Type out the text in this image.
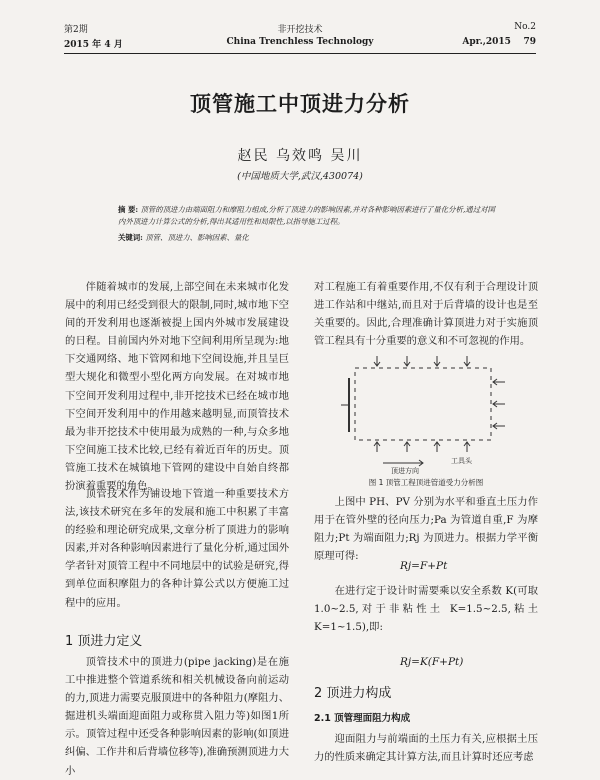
第2期	非开挖技术	No.2
2015 年 4 月	China Trenchless Technology	Apr.,2015 79
顶管施工中顶进力分析
赵民 乌效鸣 吴川
(中国地质大学,武汉,430074)
摘 要: 顶管的顶进力由端面阻力和摩阻力组成,分析了顶进力的影响因素,并对各种影响因素进行了量化分析,通过对国内外顶进力计算公式的分析,得出其适用性和局限性,以指导施工过程。
关键词: 顶管、顶进力、影响因素、量化

伴随着城市的发展,上部空间在未来城市化发展中的利用已经受到很大的限制,同时,城市地下空间的开发利用也逐渐被提上国内外城市发展建设的日程。目前国内外对地下空间利用所呈现为:地下交通网络、地下管网和地下空间设施,并且呈巨型大规化和微型小型化两方向发展。在对城市地下空间开发利用过程中,非开挖技术已经在城市地下空间开发利用中的作用越来越明显,而顶管技术最为非开挖技术中使用最为成熟的一种,与众多地下空间施工技术比较,已经有着近百年的历史。顶管施工技术在城镇地下管网的建设中自始自终都扮演着重要的角色。

顶管技术作为铺设地下管道一种重要技术方法,该技术研究在多年的发展和施工中积累了丰富的经验和理论研究成果,文章分析了顶进力的影响因素,并对各种影响因素进行了量化分析,通过国外学者针对顶管工程中不同地层中的试验是研究,得到单位面积摩阻力的各种计算公式以方便施工过程中的应用。

1 顶进力定义

顶管技术中的顶进力(pipe jacking)是在施工中推进整个管道系统和相关机械设备向前运动的力,顶进力需要克服顶进中的各种阻力(摩阻力、掘进机头端面迎面阻力或称贯入阻力等)如图1所示。顶管过程中还受各种影响因素的影响(如顶进纠偏、工作井和后背墙位移等),准确预测顶进力大小

对工程施工有着重要作用,不仅有利于合理设计顶进工作站和中继站,而且对于后背墙的设计也是至关重要的。因此,合理准确计算顶进力对于实施顶管工程具有十分重要的意义和不可忽视的作用。

工具头
顶进方向
图 1 顶管工程顶进管道受力分析图

上图中 PH、PV 分别为水平和垂直土压力作用于在管外壁的径向压力;Pa 为管道自重,F 为摩阻力;Pt 为端面阻力;Rj 为顶进力。根据力学平衡原理可得:

Rj=F+Pt

在进行定于设计时需要乘以安全系数 K(可取 1.0~2.5,对于非粘性土 K=1.5~2.5,粘土K=1~1.5),即:

Rj=K(F+Pt)
2 顶进力构成
2.1 顶管理面阻力构成

迎面阻力与前端面的土压力有关,应根据土压力的性质来确定其计算方法,而且计算时还应考虑
